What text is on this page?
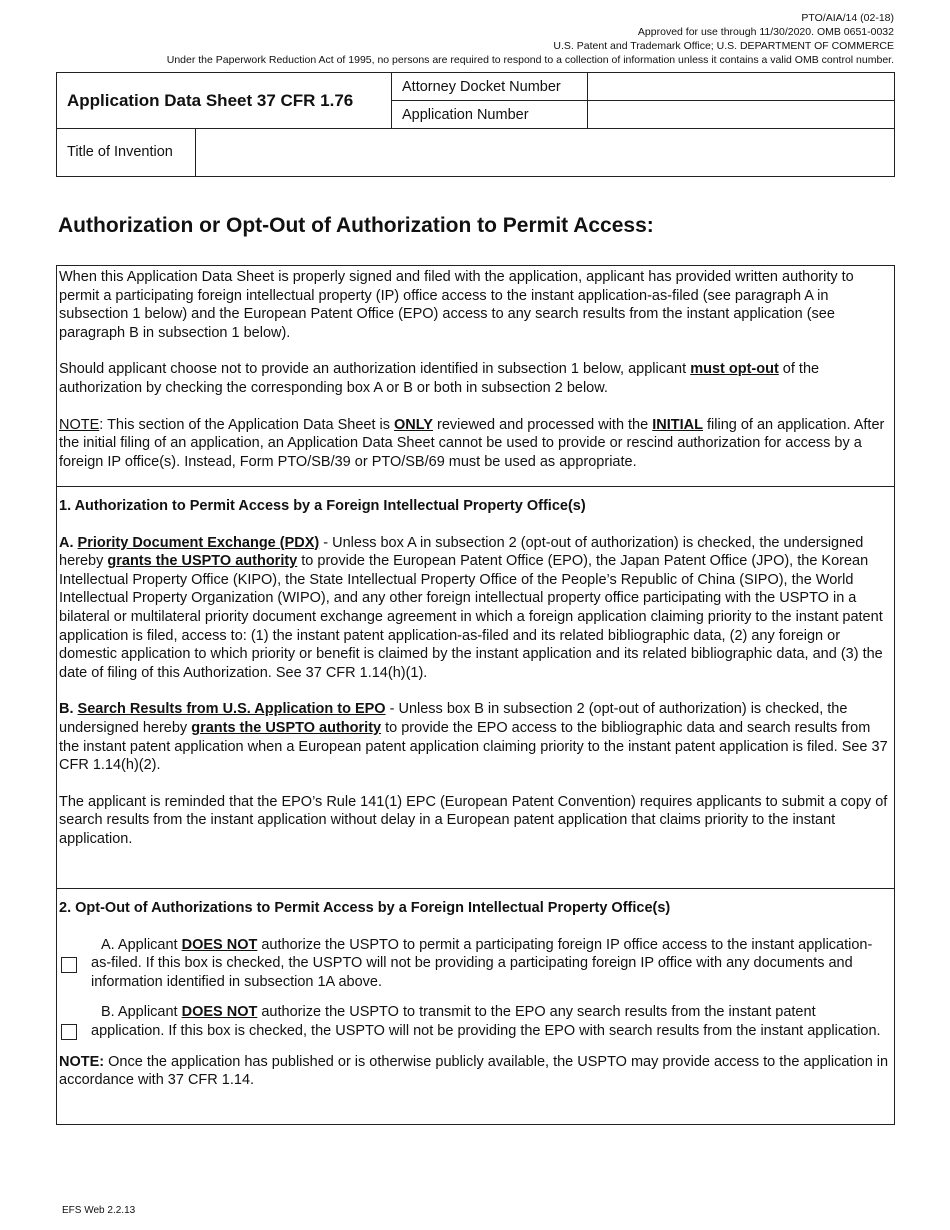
PTO/AIA/14 (02-18)
Approved for use through 11/30/2020. OMB 0651-0032
U.S. Patent and Trademark Office; U.S. DEPARTMENT OF COMMERCE
Under the Paperwork Reduction Act of 1995, no persons are required to respond to a collection of information unless it contains a valid OMB control number.
Application Data Sheet 37 CFR 1.76	Attorney Docket Number	
	Application Number	
Title of Invention	
Authorization or Opt-Out of Authorization to Permit Access:

When this Application Data Sheet is properly signed and filed with the application, applicant has provided written authority to permit a participating foreign intellectual property (IP) office access to the instant application-as-filed (see paragraph A in subsection 1 below) and the European Patent Office (EPO) access to any search results from the instant application (see paragraph B in subsection 1 below).

Should applicant choose not to provide an authorization identified in subsection 1 below, applicant must opt-out of the authorization by checking the corresponding box A or B or both in subsection 2 below.

NOTE: This section of the Application Data Sheet is ONLY reviewed and processed with the INITIAL filing of an application. After the initial filing of an application, an Application Data Sheet cannot be used to provide or rescind authorization for access by a foreign IP office(s). Instead, Form PTO/SB/39 or PTO/SB/69 must be used as appropriate.

1. Authorization to Permit Access by a Foreign Intellectual Property Office(s)

A. Priority Document Exchange (PDX) - Unless box A in subsection 2 (opt-out of authorization) is checked, the undersigned hereby grants the USPTO authority to provide the European Patent Office (EPO), the Japan Patent Office (JPO), the Korean Intellectual Property Office (KIPO), the State Intellectual Property Office of the People’s Republic of China (SIPO), the World Intellectual Property Organization (WIPO), and any other foreign intellectual property office participating with the USPTO in a bilateral or multilateral priority document exchange agreement in which a foreign application claiming priority to the instant patent application is filed, access to: (1) the instant patent application-as-filed and its related bibliographic data, (2) any foreign or domestic application to which priority or benefit is claimed by the instant application and its related bibliographic data, and (3) the date of filing of this Authorization. See 37 CFR 1.14(h)(1).

B. Search Results from U.S. Application to EPO - Unless box B in subsection 2 (opt-out of authorization) is checked, the undersigned hereby grants the USPTO authority to provide the EPO access to the bibliographic data and search results from the instant patent application when a European patent application claiming priority to the instant patent application is filed. See 37 CFR 1.14(h)(2).

The applicant is reminded that the EPO’s Rule 141(1) EPC (European Patent Convention) requires applicants to submit a copy of search results from the instant application without delay in a European patent application that claims priority to the instant application.

2. Opt-Out of Authorizations to Permit Access by a Foreign Intellectual Property Office(s)

A. Applicant DOES NOT authorize the USPTO to permit a participating foreign IP office access to the instant application-as-filed. If this box is checked, the USPTO will not be providing a participating foreign IP office with any documents and information identified in subsection 1A above.

B. Applicant DOES NOT authorize the USPTO to transmit to the EPO any search results from the instant patent application. If this box is checked, the USPTO will not be providing the EPO with search results from the instant application.

NOTE: Once the application has published or is otherwise publicly available, the USPTO may provide access to the application in accordance with 37 CFR 1.14.

EFS Web 2.2.13
